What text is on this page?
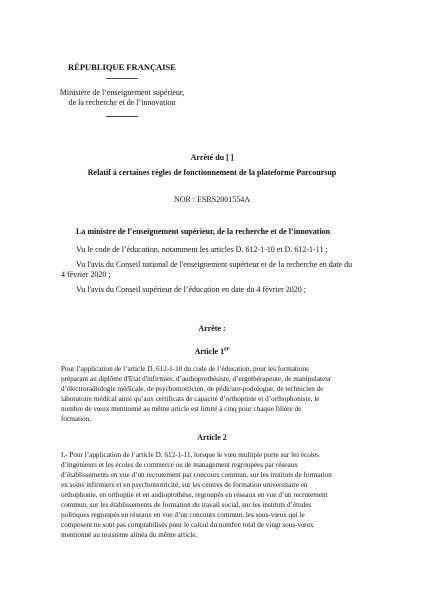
RÉPUBLIQUE FRANÇAISE
Ministère de l’enseignement supérieur,
de la recherche et de l’innovation
Arrêté du [ ]
Relatif à certaines règles de fonctionnement de la plateforme Parcoursup
NOR : ESRS2001554A
La ministre de l’enseignement supérieur, de la recherche et de l’innovation
Vu le code de l’éducation, notamment les articles D. 612-1-10 et D. 612-1-11 ;
Vu l'avis du Conseil national de l'enseignement supérieur et de la recherche en date du
4 février 2020 ;
Vu l'avis du Conseil supérieur de l’éducation en date du 4 février 2020 ;
Arrête :
Article 1er
Pour l’application de l’article D. 612-1-10 du code de l’éducation, pour les formations
préparant au diplôme d'Etat d'infirmier, d’audioprothésiste, d’ergothérapeute, de manipulateur
d’électroradiologie médicale, de psychomotricien, de pédicure-podologue, de technicien de
laboratoire médical ainsi qu’aux certificats de capacité d’orthoptiste et d’orthophoniste, le
nombre de vœux mentionné au même article est limité à cinq pour chaque filière de
formation.
Article 2
I.- Pour l’application de l’article D. 612-1-11, lorsque le vœu multiple porte sur les écoles
d’ingénieurs et les écoles de commerce ou de management regroupées par réseaux
d’établissements en vue d’un recrutement par concours commun, sur les instituts de formation
en soins infirmiers et en psychomotricité, sur les centres de formation universitaire en
orthophonie, en orthoptie et en audioprothèse, regroupés en réseaux en vue d’un recrutement
commun, sur les établissements de formation du travail social, sur les instituts d’études
politiques regroupés en réseaux en vue d’un concours commun, les sous-vœux qui le
composent ne sont pas comptabilisés pour le calcul du nombre total de vingt sous-vœux
mentionné au troisième alinéa du même article.
